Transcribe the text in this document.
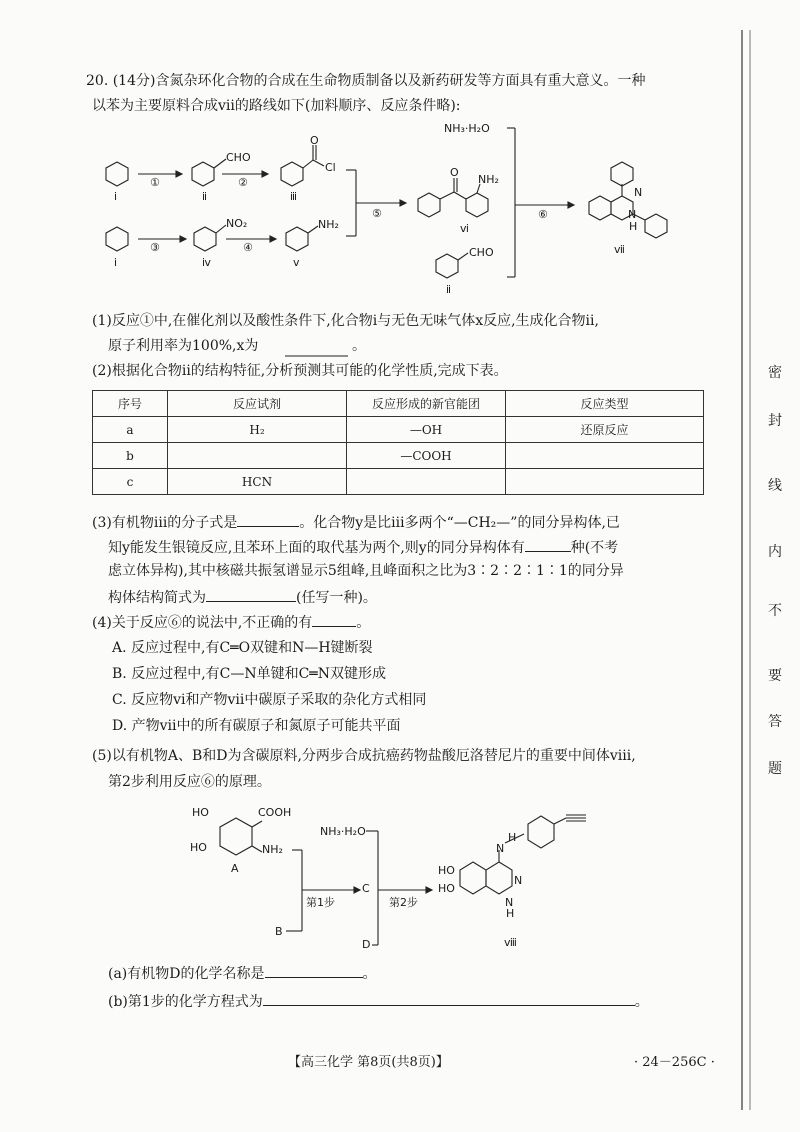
20. (14分)含氮杂环化合物的合成在生命物质制备以及新药研发等方面具有重大意义。一种
以苯为主要原料合成ⅶ的路线如下(加料顺序、反应条件略):
①	②
③	④
⑤	⑥
ⅰ	ⅱ	ⅲ
ⅰ	ⅳ	ⅴ
ⅵ
ⅱ
ⅶ
CHO
O
Cl
NO₂	NH₂
O
NH₂
NH₃·H₂O
CHO
N
N
H
(1)反应①中,在催化剂以及酸性条件下,化合物ⅰ与无色无味气体x反应,生成化合物ⅱ,
原子利用率为100%,x为	。
(2)根据化合物ⅱ的结构特征,分析预测其可能的化学性质,完成下表。
序号	反应试剂	反应形成的新官能团	反应类型
a	H₂	—OH	还原反应
b		—COOH	
c	HCN		
(3)有机物ⅲ的分子式是	。化合物y是比ⅲ多两个“—CH₂—”的同分异构体,已
知y能发生银镜反应,且苯环上面的取代基为两个,则y的同分异构体有	种(不考
虑立体异构),其中核磁共振氢谱显示5组峰,且峰面积之比为3∶2∶2∶1∶1的同分异
构体结构简式为	(任写一种)。
(4)关于反应⑥的说法中,不正确的有	。
A. 反应过程中,有C═O双键和N—H键断裂
B. 反应过程中,有C—N单键和C═N双键形成
C. 反应物ⅵ和产物ⅶ中碳原子采取的杂化方式相同
D. 产物ⅶ中的所有碳原子和氮原子可能共平面
(5)以有机物A、B和D为含碳原料,分两步合成抗癌药物盐酸厄洛替尼片的重要中间体ⅷ,
第2步利用反应⑥的原理。
HO	COOH
HO	NH₂
A
B
第1步
NH₃·H₂O
C
D
第2步
HO
HO
N
H
N
N
H
ⅷ
(a)有机物D的化学名称是	。
(b)第1步的化学方程式为	。
密
封
线
内
不
要
答
题
【高三化学 第8页(共8页)】	· 24－256C ·
